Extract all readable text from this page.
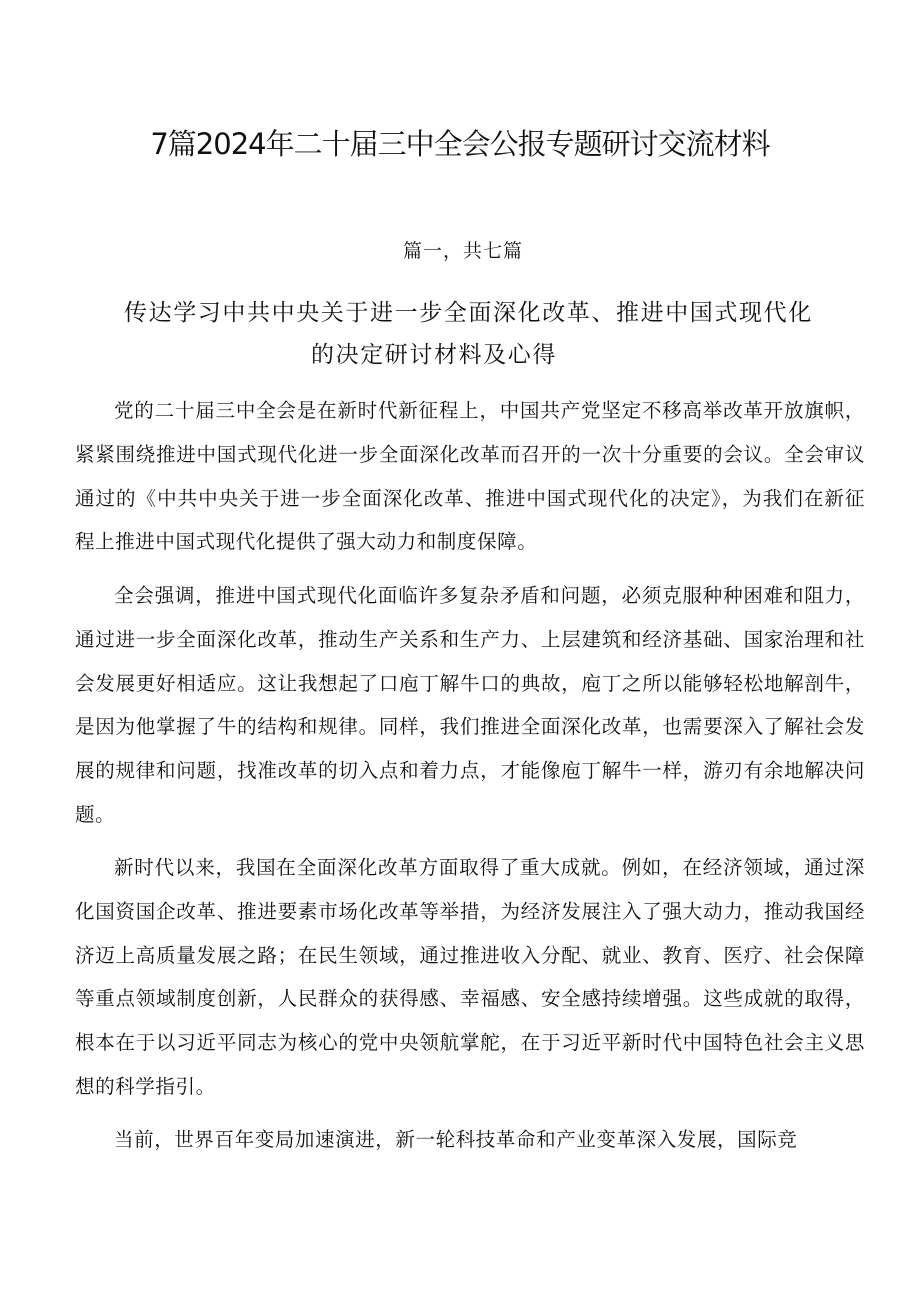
7篇2024年二十届三中全会公报专题研讨交流材料
篇一，共七篇
传达学习中共中央关于进一步全面深化改革、推进中国式现代化
的决定研讨材料及心得

党的二十届三中全会是在新时代新征程上，中国共产党坚定不移高举改革开放旗帜，紧紧围绕推进中国式现代化进一步全面深化改革而召开的一次十分重要的会议。全会审议通过的《中共中央关于进一步全面深化改革、推进中国式现代化的决定》，为我们在新征程上推进中国式现代化提供了强大动力和制度保障。

全会强调，推进中国式现代化面临许多复杂矛盾和问题，必须克服种种困难和阻力，通过进一步全面深化改革，推动生产关系和生产力、上层建筑和经济基础、国家治理和社会发展更好相适应。这让我想起了口庖丁解牛口的典故，庖丁之所以能够轻松地解剖牛，是因为他掌握了牛的结构和规律。同样，我们推进全面深化改革，也需要深入了解社会发展的规律和问题，找准改革的切入点和着力点，才能像庖丁解牛一样，游刃有余地解决问题。

新时代以来，我国在全面深化改革方面取得了重大成就。例如，在经济领域，通过深化国资国企改革、推进要素市场化改革等举措，为经济发展注入了强大动力，推动我国经济迈上高质量发展之路；在民生领域，通过推进收入分配、就业、教育、医疗、社会保障等重点领域制度创新，人民群众的获得感、幸福感、安全感持续增强。这些成就的取得，根本在于以习近平同志为核心的党中央领航掌舵，在于习近平新时代中国特色社会主义思想的科学指引。

当前，世界百年变局加速演进，新一轮科技革命和产业变革深入发展，国际竞
